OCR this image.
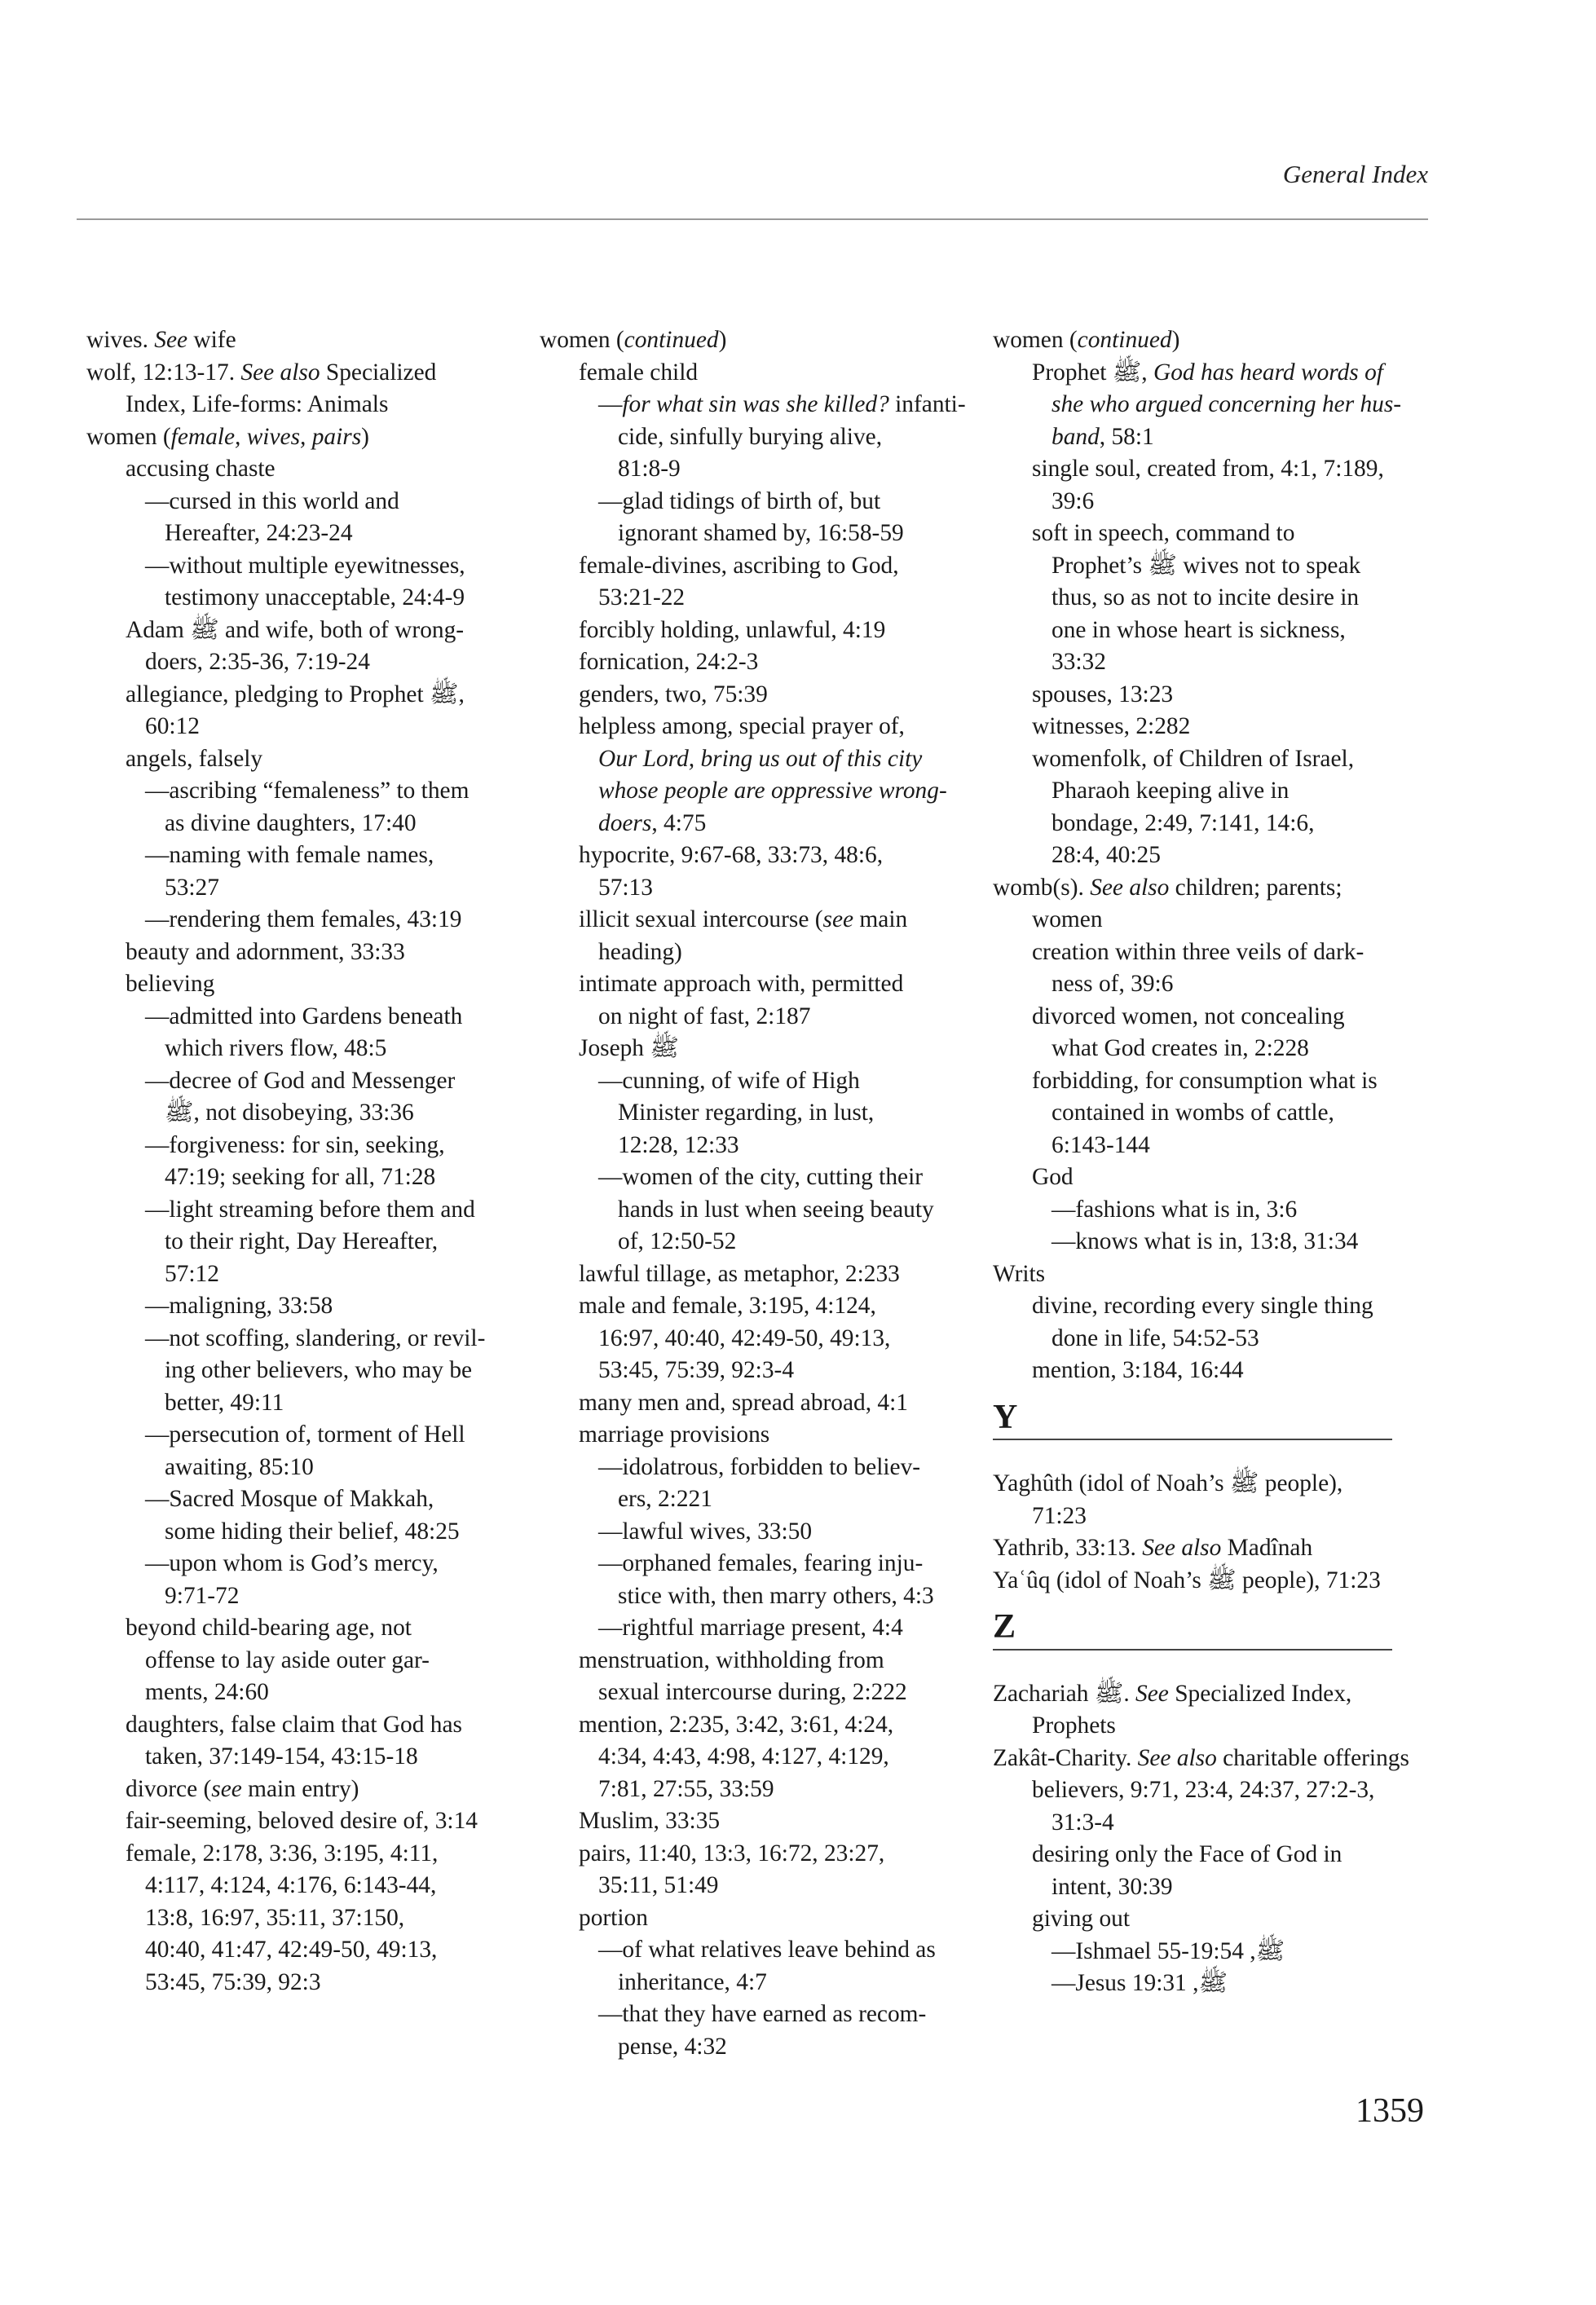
General Index
wives. See wife
wolf, 12:13-17. See also Specialized
Index, Life-forms: Animals
women (female, wives, pairs)
accusing chaste
—cursed in this world and
Hereafter, 24:23-24
—without multiple eyewitnesses,
testimony unacceptable, 24:4-9
Adam ﷺ and wife, both of wrong-
doers, 2:35-36, 7:19-24
allegiance, pledging to Prophet ﷺ,
60:12
angels, falsely
—ascribing “femaleness” to them
as divine daughters, 17:40
—naming with female names,
53:27
—rendering them females, 43:19
beauty and adornment, 33:33
believing
—admitted into Gardens beneath
which rivers flow, 48:5
—decree of God and Messenger
ﷺ, not disobeying, 33:36
—forgiveness: for sin, seeking,
47:19; seeking for all, 71:28
—light streaming before them and
to their right, Day Hereafter,
57:12
—maligning, 33:58
—not scoffing, slandering, or revil-
ing other believers, who may be
better, 49:11
—persecution of, torment of Hell
awaiting, 85:10
—Sacred Mosque of Makkah,
some hiding their belief, 48:25
—upon whom is God’s mercy,
9:71-72
beyond child-bearing age, not
offense to lay aside outer gar-
ments, 24:60
daughters, false claim that God has
taken, 37:149-154, 43:15-18
divorce (see main entry)
fair-seeming, beloved desire of, 3:14
female, 2:178, 3:36, 3:195, 4:11,
4:117, 4:124, 4:176, 6:143-44,
13:8, 16:97, 35:11, 37:150,
40:40, 41:47, 42:49-50, 49:13,
53:45, 75:39, 92:3
women (continued)
female child
—for what sin was she killed? infanti-
cide, sinfully burying alive,
81:8-9
—glad tidings of birth of, but
ignorant shamed by, 16:58-59
female-divines, ascribing to God,
53:21-22
forcibly holding, unlawful, 4:19
fornication, 24:2-3
genders, two, 75:39
helpless among, special prayer of,
Our Lord, bring us out of this city
whose people are oppressive wrong-
doers, 4:75
hypocrite, 9:67-68, 33:73, 48:6,
57:13
illicit sexual intercourse (see main
heading)
intimate approach with, permitted
on night of fast, 2:187
Joseph ﷺ
—cunning, of wife of High
Minister regarding, in lust,
12:28, 12:33
—women of the city, cutting their
hands in lust when seeing beauty
of, 12:50-52
lawful tillage, as metaphor, 2:233
male and female, 3:195, 4:124,
16:97, 40:40, 42:49-50, 49:13,
53:45, 75:39, 92:3-4
many men and, spread abroad, 4:1
marriage provisions
—idolatrous, forbidden to believ-
ers, 2:221
—lawful wives, 33:50
—orphaned females, fearing inju-
stice with, then marry others, 4:3
—rightful marriage present, 4:4
menstruation, withholding from
sexual intercourse during, 2:222
mention, 2:235, 3:42, 3:61, 4:24,
4:34, 4:43, 4:98, 4:127, 4:129,
7:81, 27:55, 33:59
Muslim, 33:35
pairs, 11:40, 13:3, 16:72, 23:27,
35:11, 51:49
portion
—of what relatives leave behind as
inheritance, 4:7
—that they have earned as recom-
pense, 4:32
women (continued)
Prophet ﷺ, God has heard words of
she who argued concerning her hus-
band, 58:1
single soul, created from, 4:1, 7:189,
39:6
soft in speech, command to
Prophet’s ﷺ wives not to speak
thus, so as not to incite desire in
one in whose heart is sickness,
33:32
spouses, 13:23
witnesses, 2:282
womenfolk, of Children of Israel,
Pharaoh keeping alive in
bondage, 2:49, 7:141, 14:6,
28:4, 40:25
womb(s). See also children; parents;
women
creation within three veils of dark-
ness of, 39:6
divorced women, not concealing
what God creates in, 2:228
forbidding, for consumption what is
contained in wombs of cattle,
6:143-144
God
—fashions what is in, 3:6
—knows what is in, 13:8, 31:34
Writs
divine, recording every single thing
done in life, 54:52-53
mention, 3:184, 16:44
Y
Yaghûth (idol of Noah’s ﷺ people),
71:23
Yathrib, 33:13. See also Madînah
Yaʿûq (idol of Noah’s ﷺ people), 71:23
Z
Zachariah ﷺ. See Specialized Index,
Prophets
Zakât-Charity. See also charitable offerings
believers, 9:71, 23:4, 24:37, 27:2-3,
31:3-4
desiring only the Face of God in
intent, 30:39
giving out
—Ishmael ﷺ, 19:54-55
—Jesus ﷺ, 19:31
1359
